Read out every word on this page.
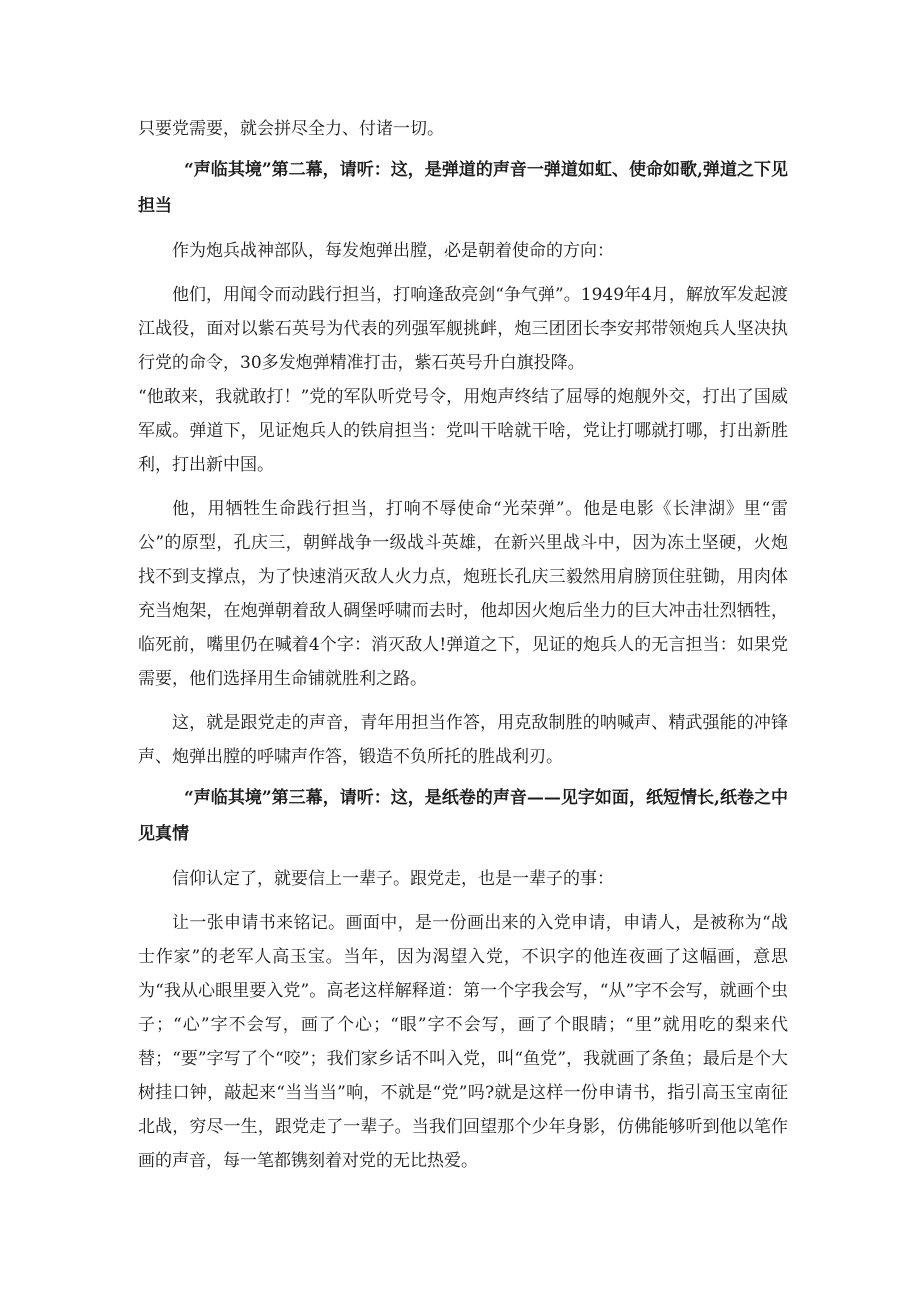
只要党需要，就会拼尽全力、付诸一切。

“声临其境”第二幕，请听：这，是弹道的声音一弹道如虹、使命如歌,弹道之下见担当

作为炮兵战神部队，每发炮弹出膛，必是朝着使命的方向：

他们，用闻令而动践行担当，打响逢敌亮剑“争气弹”。1949年4月，解放军发起渡江战役，面对以紫石英号为代表的列强军舰挑衅，炮三团团长李安邦带领炮兵人坚决执行党的命令，30多发炮弹精准打击，紫石英号升白旗投降。

“他敢来，我就敢打！”党的军队听党号令，用炮声终结了屈辱的炮舰外交，打出了国威军威。弹道下，见证炮兵人的铁肩担当：党叫干啥就干啥，党让打哪就打哪，打出新胜利，打出新中国。

他，用牺牲生命践行担当，打响不辱使命“光荣弹”。他是电影《长津湖》里“雷公”的原型，孔庆三，朝鲜战争一级战斗英雄，在新兴里战斗中，因为冻土坚硬，火炮找不到支撑点，为了快速消灭敌人火力点，炮班长孔庆三毅然用肩膀顶住驻锄，用肉体充当炮架，在炮弹朝着敌人碉堡呼啸而去时，他却因火炮后坐力的巨大冲击壮烈牺牲，临死前，嘴里仍在喊着4个字：消灭敌人!弹道之下，见证的炮兵人的无言担当：如果党需要，他们选择用生命铺就胜利之路。

这，就是跟党走的声音，青年用担当作答，用克敌制胜的呐喊声、精武强能的冲锋声、炮弹出膛的呼啸声作答，锻造不负所托的胜战利刃。

“声临其境”第三幕，请听：这，是纸卷的声音——见字如面，纸短情长,纸卷之中见真情

信仰认定了，就要信上一辈子。跟党走，也是一辈子的事：

让一张申请书来铭记。画面中，是一份画出来的入党申请，申请人，是被称为“战士作家”的老军人高玉宝。当年，因为渴望入党，不识字的他连夜画了这幅画，意思为“我从心眼里要入党”。高老这样解释道：第一个字我会写，“从”字不会写，就画个虫子；“心”字不会写，画了个心；“眼”字不会写，画了个眼睛；“里”就用吃的梨来代替；“要”字写了个“咬”；我们家乡话不叫入党，叫“鱼党”，我就画了条鱼；最后是个大树挂口钟，敲起来“当当当”响，不就是“党”吗?就是这样一份申请书，指引高玉宝南征北战，穷尽一生，跟党走了一辈子。当我们回望那个少年身影，仿佛能够听到他以笔作画的声音，每一笔都镌刻着对党的无比热爱。
